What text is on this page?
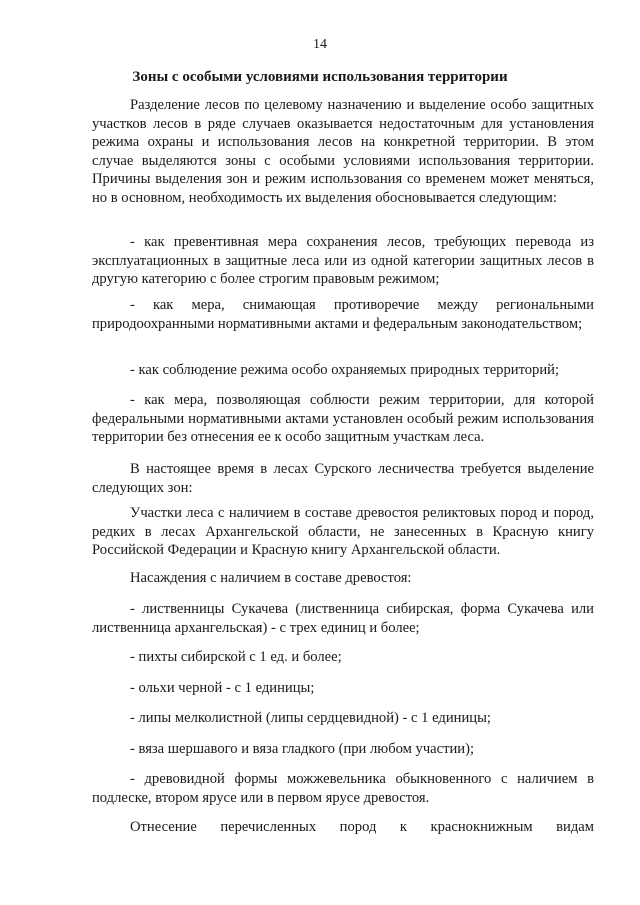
14
Зоны с особыми условиями использования территории

Разделение лесов по целевому назначению и выделение особо защитных участков лесов в ряде случаев оказывается недостаточным для установления режима охраны и использования лесов на конкретной территории. В этом случае выделяются зоны с особыми условиями использования территории. Причины выделения зон и режим использования со временем может меняться, но в основном, необходимость их выделения обосновывается следующим:

- как превентивная мера сохранения лесов, требующих перевода из эксплуатационных в защитные леса или из одной категории защитных лесов в другую категорию с более строгим правовым режимом;

- как мера, снимающая противоречие между региональными природоохранными нормативными актами и федеральным законодательством;

- как соблюдение режима особо охраняемых природных территорий;

- как мера, позволяющая соблюсти режим территории, для которой федеральными нормативными актами установлен особый режим использования территории без отнесения ее к особо защитным участкам леса.

В настоящее время в лесах Сурского лесничества требуется выделение следующих зон:

Участки леса с наличием в составе древостоя реликтовых пород и пород, редких в лесах Архангельской области, не занесенных в Красную книгу Российской Федерации и Красную книгу Архангельской области.

Насаждения с наличием в составе древостоя:

- лиственницы Сукачева (лиственница сибирская, форма Сукачева или лиственница архангельская) - с трех единиц и более;

- пихты сибирской с 1 ед. и более;

- ольхи черной - с 1 единицы;

- липы мелколистной (липы сердцевидной) - с 1 единицы;

- вяза шершавого и вяза гладкого (при любом участии);

- древовидной формы можжевельника обыкновенного с наличием в подлеске, втором ярусе или в первом ярусе древостоя.

Отнесение перечисленных пород к краснокнижным видам
